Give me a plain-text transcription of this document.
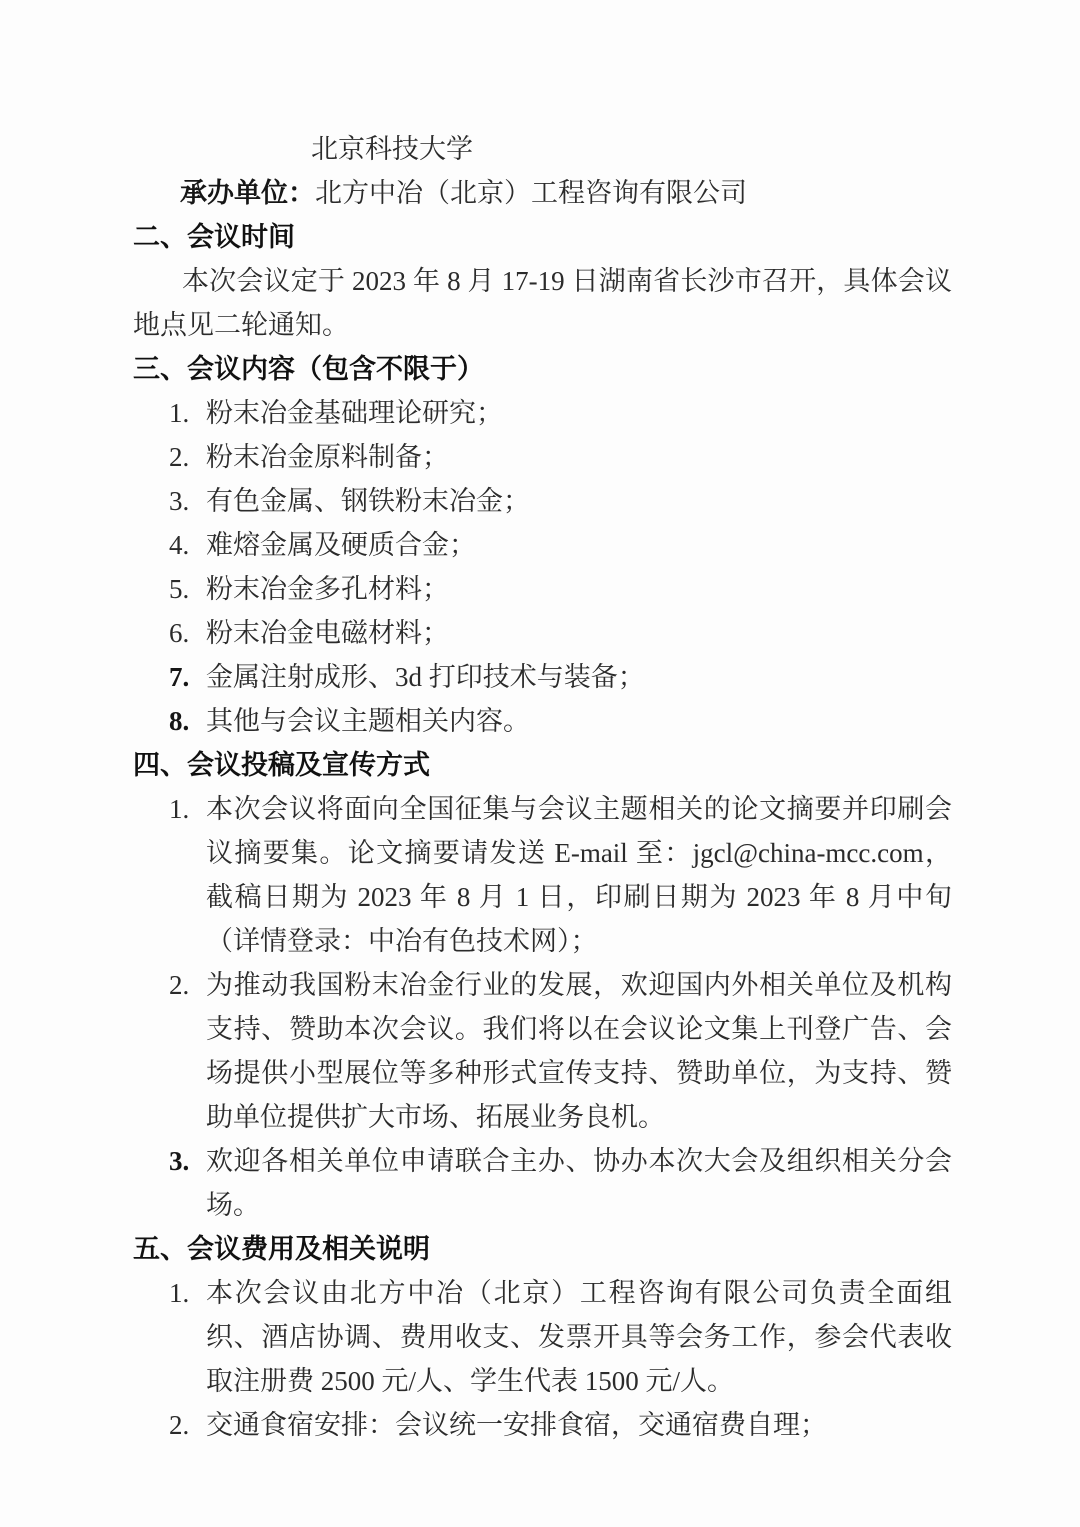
北京科技大学
承办单位：北方中冶（北京）工程咨询有限公司
二、会议时间

本次会议定于 2023 年 8 月 17-19 日湖南省长沙市召开，具体会议地点见二轮通知。

三、会议内容（包含不限于）
1. 粉末冶金基础理论研究；
2. 粉末冶金原料制备；
3. 有色金属、钢铁粉末冶金；
4. 难熔金属及硬质合金；
5. 粉末冶金多孔材料；
6. 粉末冶金电磁材料；
7. 金属注射成形、3d 打印技术与装备；
8. 其他与会议主题相关内容。
四、会议投稿及宣传方式
1. 本次会议将面向全国征集与会议主题相关的论文摘要并印刷会议摘要集。论文摘要请发送 E-mail 至：jgcl@china-mcc.com，截稿日期为 2023 年 8 月 1 日，印刷日期为 2023 年 8 月中旬（详情登录：中冶有色技术网）；
2. 为推动我国粉末冶金行业的发展，欢迎国内外相关单位及机构支持、赞助本次会议。我们将以在会议论文集上刊登广告、会场提供小型展位等多种形式宣传支持、赞助单位，为支持、赞助单位提供扩大市场、拓展业务良机。
3. 欢迎各相关单位申请联合主办、协办本次大会及组织相关分会场。
五、会议费用及相关说明
1. 本次会议由北方中冶（北京）工程咨询有限公司负责全面组织、酒店协调、费用收支、发票开具等会务工作，参会代表收取注册费 2500 元/人、学生代表 1500 元/人。
2. 交通食宿安排：会议统一安排食宿，交通宿费自理；
